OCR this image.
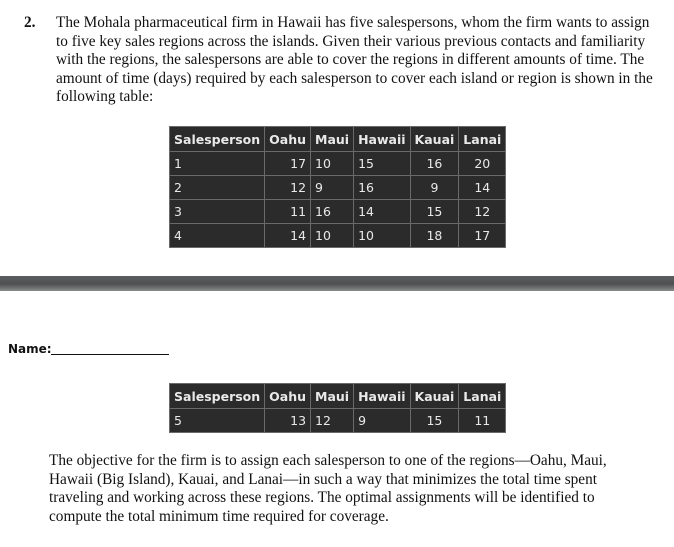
2. The Mohala pharmaceutical firm in Hawaii has five salespersons, whom the firm wants to assign to five key sales regions across the islands. Given their various previous contacts and familiarity with the regions, the salespersons are able to cover the regions in different amounts of time. The amount of time (days) required by each salesperson to cover each island or region is shown in the following table:
Salesperson	Oahu	Maui	Hawaii	Kauai	Lanai
1	17	10	15	16	20
2	12	9	16	9	14
3	11	16	14	15	12
4	14	10	10	18	17
Name:
Salesperson	Oahu	Maui	Hawaii	Kauai	Lanai
5	13	12	9	15	11
The objective for the firm is to assign each salesperson to one of the regions—Oahu, Maui, Hawaii (Big Island), Kauai, and Lanai—in such a way that minimizes the total time spent traveling and working across these regions. The optimal assignments will be identified to compute the total minimum time required for coverage.
